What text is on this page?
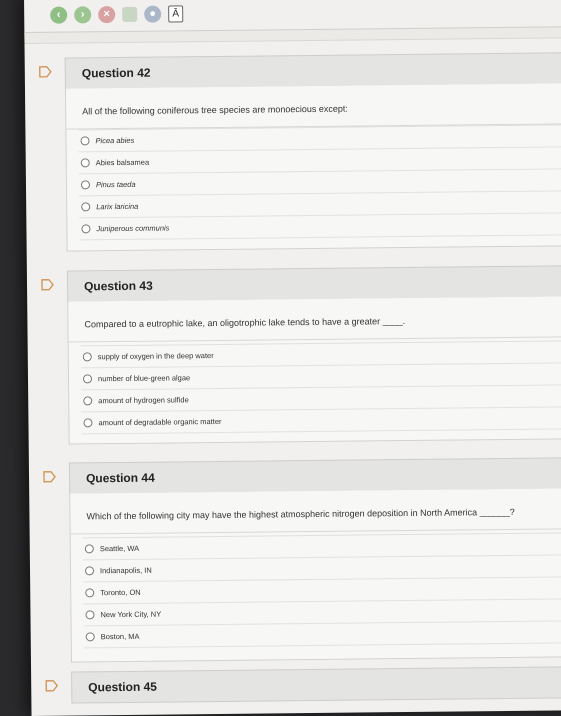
‹	›	×	●	Ā
Question 42
All of the following coniferous tree species are monoecious except:
Picea abies
Abies balsamea
Pinus taeda
Larix laricina
Juniperous communis
Question 43
Compared to a eutrophic lake, an oligotrophic lake tends to have a greater ____.
supply of oxygen in the deep water
number of blue-green algae
amount of hydrogen sulfide
amount of degradable organic matter
Question 44
Which of the following city may have the highest atmospheric nitrogen deposition in North America ______?
Seattle, WA
Indianapolis, IN
Toronto, ON
New York City, NY
Boston, MA
Question 45
